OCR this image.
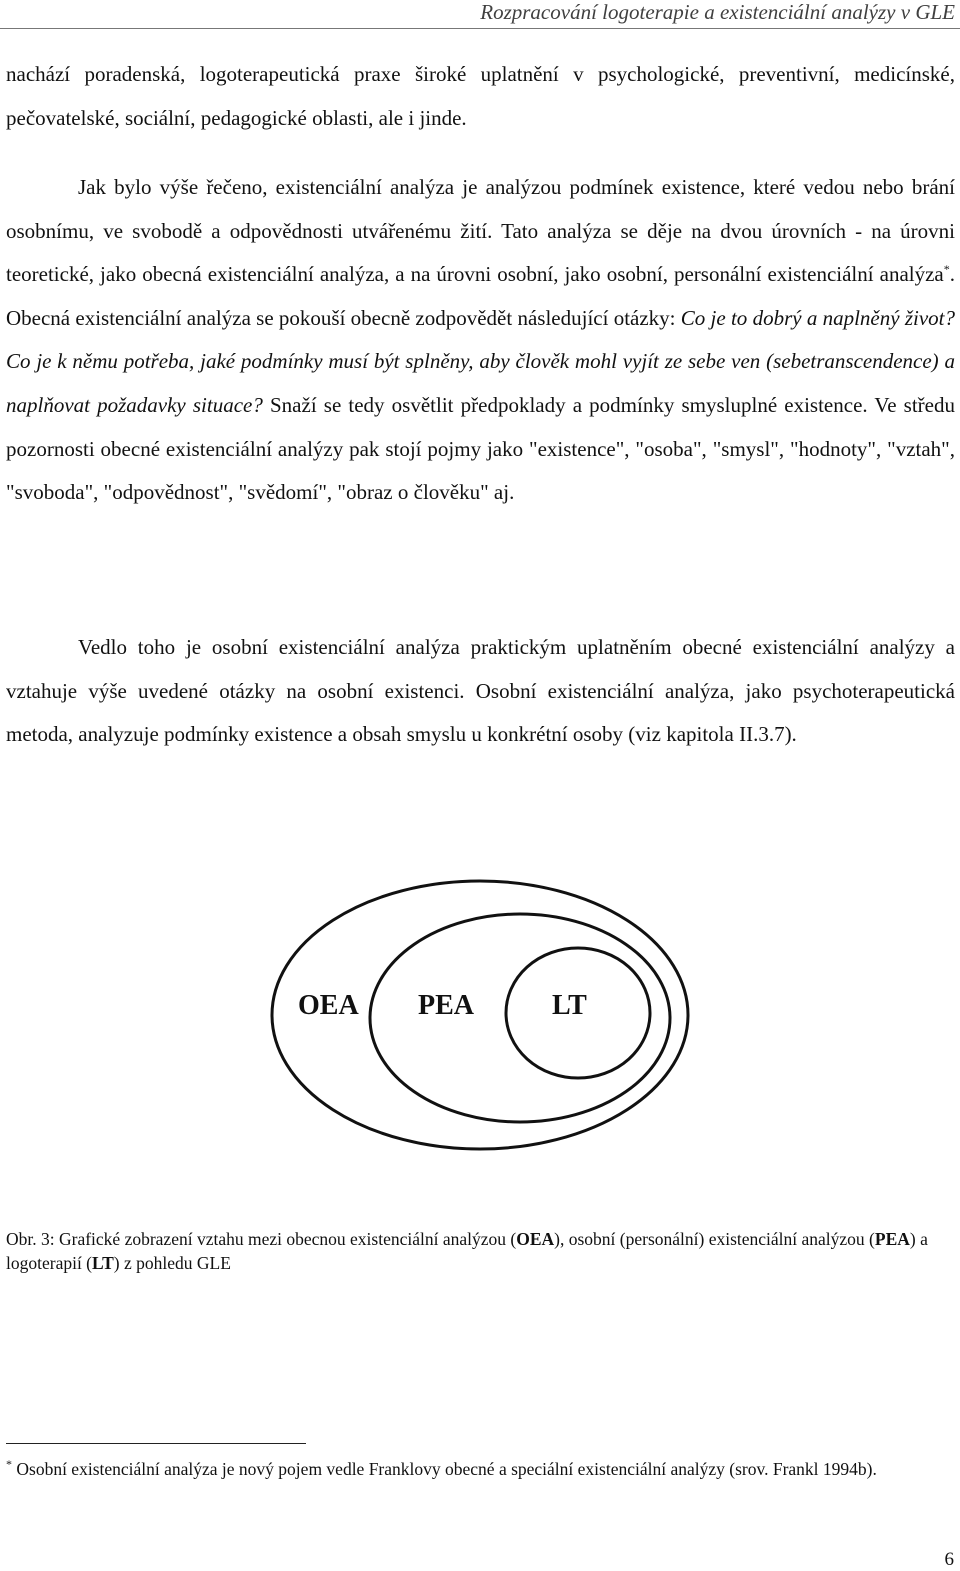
Rozpracování logoterapie a existenciální analýzy v GLE

nachází poradenská, logoterapeutická praxe široké uplatnění v psychologické, preventivní, medicínské, pečovatelské, sociální, pedagogické oblasti, ale i jinde.

Jak bylo výše řečeno, existenciální analýza je analýzou podmínek existence, které vedou nebo brání osobnímu, ve svobodě a odpovědnosti utvářenému žití. Tato analýza se děje na dvou úrovních - na úrovni teoretické, jako obecná existenciální analýza, a na úrovni osobní, jako osobní, personální existenciální analýza*. Obecná existenciální analýza se pokouší obecně zodpovědět následující otázky: Co je to dobrý a naplněný život? Co je k němu potřeba, jaké podmínky musí být splněny, aby člověk mohl vyjít ze sebe ven (sebetranscendence) a naplňovat požadavky situace? Snaží se tedy osvětlit předpoklady a podmínky smysluplné existence. Ve středu pozornosti obecné existenciální analýzy pak stojí pojmy jako "existence", "osoba", "smysl", "hodnoty", "vztah", "svoboda", "odpovědnost", "svědomí", "obraz o člověku" aj.

Vedlo toho je osobní existenciální analýza praktickým uplatněním obecné existenciální analýzy a vztahuje výše uvedené otázky na osobní existenci. Osobní existenciální analýza, jako psychoterapeutická metoda, analyzuje podmínky existence a obsah smyslu u konkrétní osoby (viz kapitola II.3.7).

OEA PEA	LT

Obr. 3: Grafické zobrazení vztahu mezi obecnou existenciální analýzou (OEA), osobní (personální) existenciální analýzou (PEA) a logoterapií (LT) z pohledu GLE

* Osobní existenciální analýza je nový pojem vedle Franklovy obecné a speciální existenciální analýzy (srov. Frankl 1994b).

6
